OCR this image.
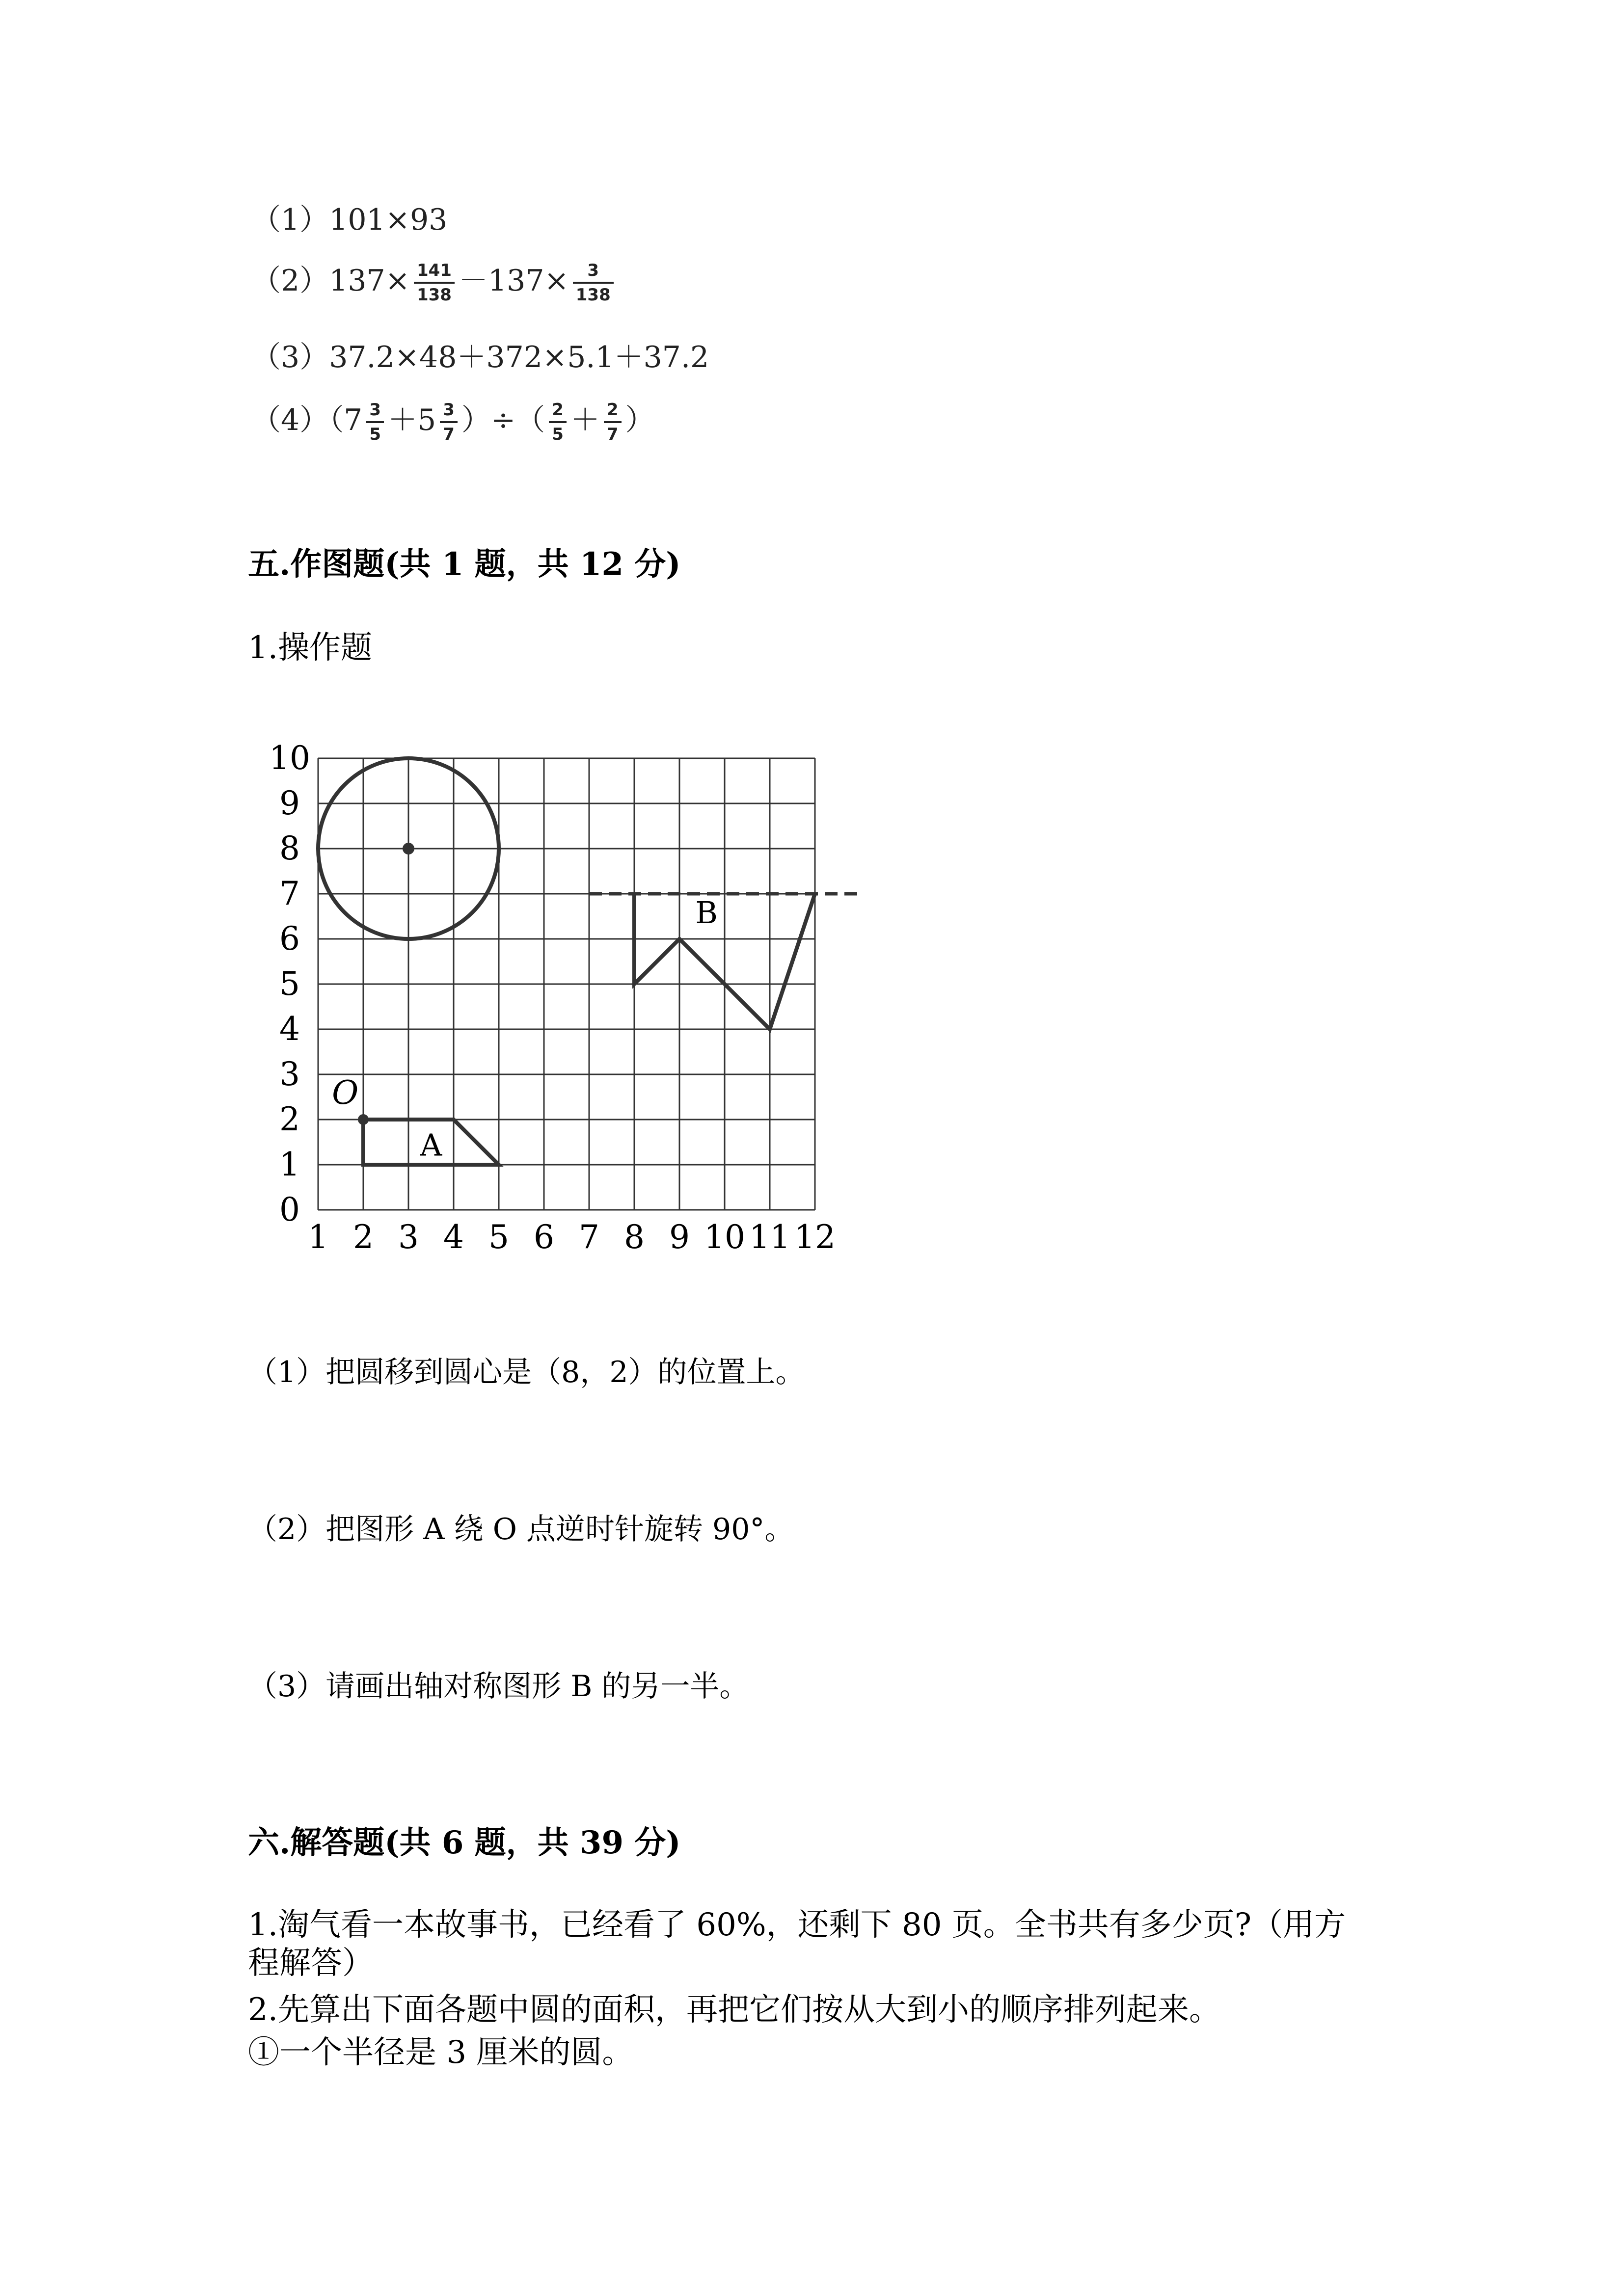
（1）101×93
$(2)137\times \frac{141}{138} -137\times \frac{3}{138}$
（3）37.2×48＋372×5.1＋37.2
$(4)(7 \frac{3}{5} +5 \frac{3}{7}$ ）÷（ $\frac{2}{5} + \frac{2}{7}$ ）
五.作图题(共 1 题，共 12 分)
1.操作题
0
1
2
3
4
5
6
7
8
9
10
1 2 3 4 5 6 7 8 9 10 11 12
B
A
O
（1）把圆移到圆心是（8，2）的位置上。
（2）把图形 A 绕 O 点逆时针旋转 90°。
（3）请画出轴对称图形 B 的另一半。
六.解答题(共 6 题，共 39 分)
1.淘气看一本故事书，已经看了 60%，还剩下 80 页。全书共有多少页?（用方
程解答）
2.先算出下面各题中圆的面积，再把它们按从大到小的顺序排列起来。
①一个半径是 3 厘米的圆。
